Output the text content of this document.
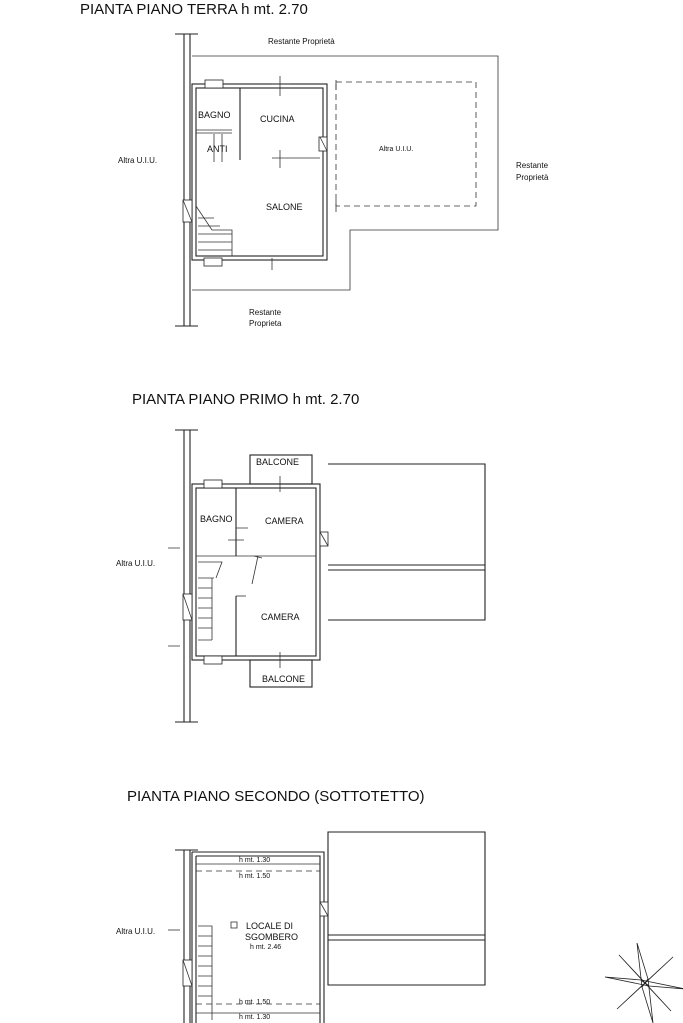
PIANTA PIANO TERRA h mt. 2.70
Restante Proprietà
Restante
Proprietà
Restante
Proprieta
Altra U.I.U.
Altra U.I.U.
BAGNO
ANTI
CUCINA
SALONE
PIANTA PIANO PRIMO h mt. 2.70
Altra U.I.U.
BALCONE
BAGNO	CAMERA
CAMERA
BALCONE
PIANTA PIANO SECONDO (SOTTOTETTO)
Altra U.I.U.
h mt. 1.30
h mt. 1.50
h mt. 1.50
h mt. 1.30
LOCALE DI
SGOMBERO
h mt. 2.46
